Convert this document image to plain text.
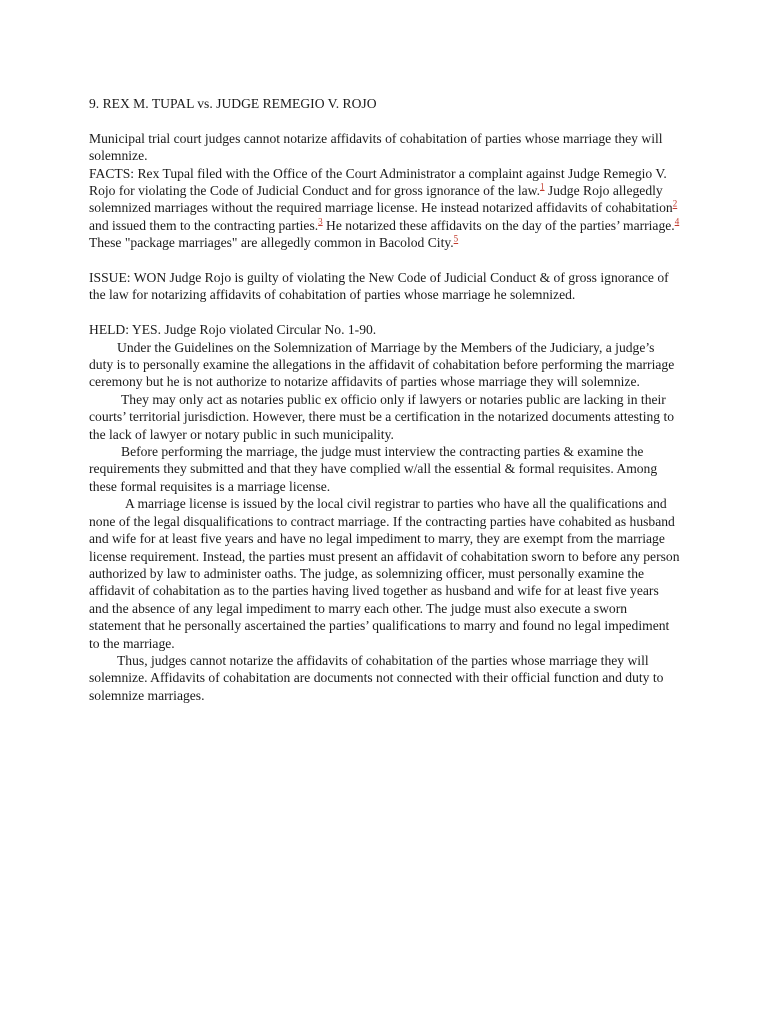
9. REX M. TUPAL vs. JUDGE REMEGIO V. ROJO

Municipal trial court judges cannot notarize affidavits of cohabitation of parties whose marriage they will solemnize.

FACTS: Rex Tupal filed with the Office of the Court Administrator a complaint against Judge Remegio V. Rojo for violating the Code of Judicial Conduct and for gross ignorance of the law.$^1$ Judge Rojo allegedly solemnized marriages without the required marriage license. He instead notarized affidavits of cohabitation$^2$ and issued them to the contracting parties.$^3$ He notarized these affidavits on the day of the parties’ marriage.$^4$ These "package marriages" are allegedly common in Bacolod City.$^5$

ISSUE: WON Judge Rojo is guilty of violating the New Code of Judicial Conduct & of gross ignorance of the law for notarizing affidavits of cohabitation of parties whose marriage he solemnized.

HELD: YES. Judge Rojo violated Circular No. 1-90.

Under the Guidelines on the Solemnization of Marriage by the Members of the Judiciary, a judge’s duty is to personally examine the allegations in the affidavit of cohabitation before performing the marriage ceremony but he is not authorize to notarize affidavits of parties whose marriage they will solemnize.

They may only act as notaries public ex officio only if lawyers or notaries public are lacking in their courts’ territorial jurisdiction. However, there must be a certification in the notarized documents attesting to the lack of lawyer or notary public in such municipality.

Before performing the marriage, the judge must interview the contracting parties & examine the requirements they submitted and that they have complied w/all the essential & formal requisites. Among these formal requisites is a marriage license.

A marriage license is issued by the local civil registrar to parties who have all the qualifications and none of the legal disqualifications to contract marriage. If the contracting parties have cohabited as husband and wife for at least five years and have no legal impediment to marry, they are exempt from the marriage license requirement. Instead, the parties must present an affidavit of cohabitation sworn to before any person authorized by law to administer oaths. The judge, as solemnizing officer, must personally examine the affidavit of cohabitation as to the parties having lived together as husband and wife for at least five years and the absence of any legal impediment to marry each other. The judge must also execute a sworn statement that he personally ascertained the parties’ qualifications to marry and found no legal impediment to the marriage.

Thus, judges cannot notarize the affidavits of cohabitation of the parties whose marriage they will solemnize. Affidavits of cohabitation are documents not connected with their official function and duty to solemnize marriages.
